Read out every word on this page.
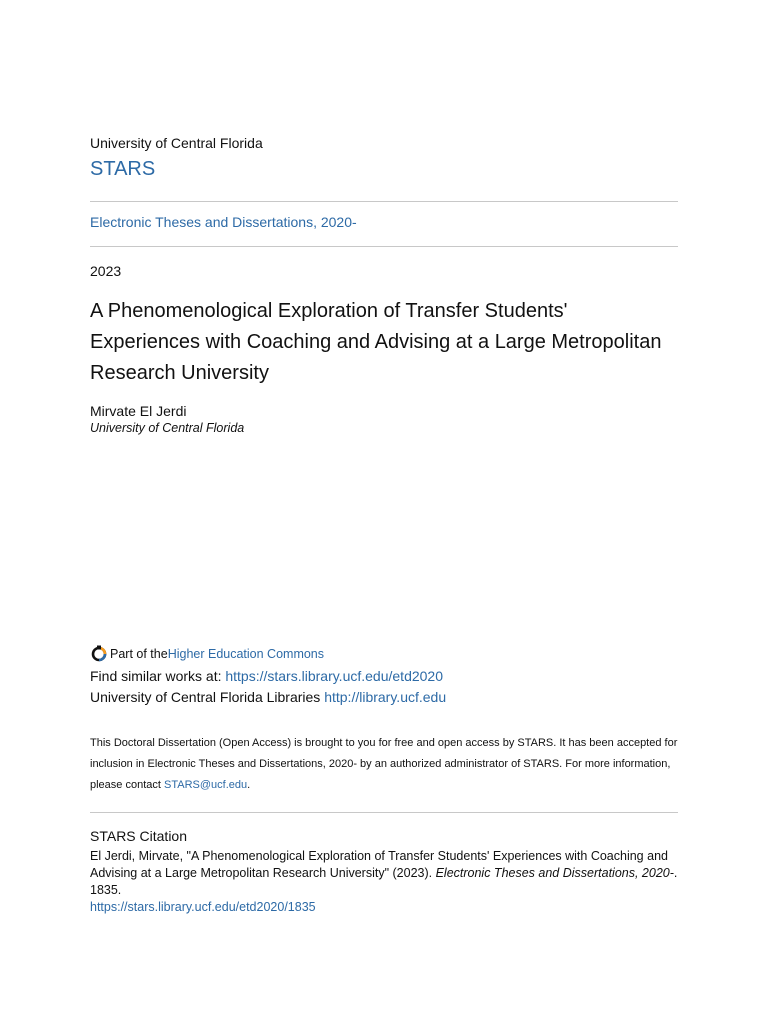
University of Central Florida
STARS
Electronic Theses and Dissertations, 2020-
2023
A Phenomenological Exploration of Transfer Students' Experiences with Coaching and Advising at a Large Metropolitan Research University
Mirvate El Jerdi
University of Central Florida
Part of the Higher Education Commons
Find similar works at: https://stars.library.ucf.edu/etd2020
University of Central Florida Libraries http://library.ucf.edu
This Doctoral Dissertation (Open Access) is brought to you for free and open access by STARS. It has been accepted for inclusion in Electronic Theses and Dissertations, 2020- by an authorized administrator of STARS. For more information, please contact STARS@ucf.edu.
STARS Citation
El Jerdi, Mirvate, "A Phenomenological Exploration of Transfer Students' Experiences with Coaching and Advising at a Large Metropolitan Research University" (2023). Electronic Theses and Dissertations, 2020-. 1835.
https://stars.library.ucf.edu/etd2020/1835
